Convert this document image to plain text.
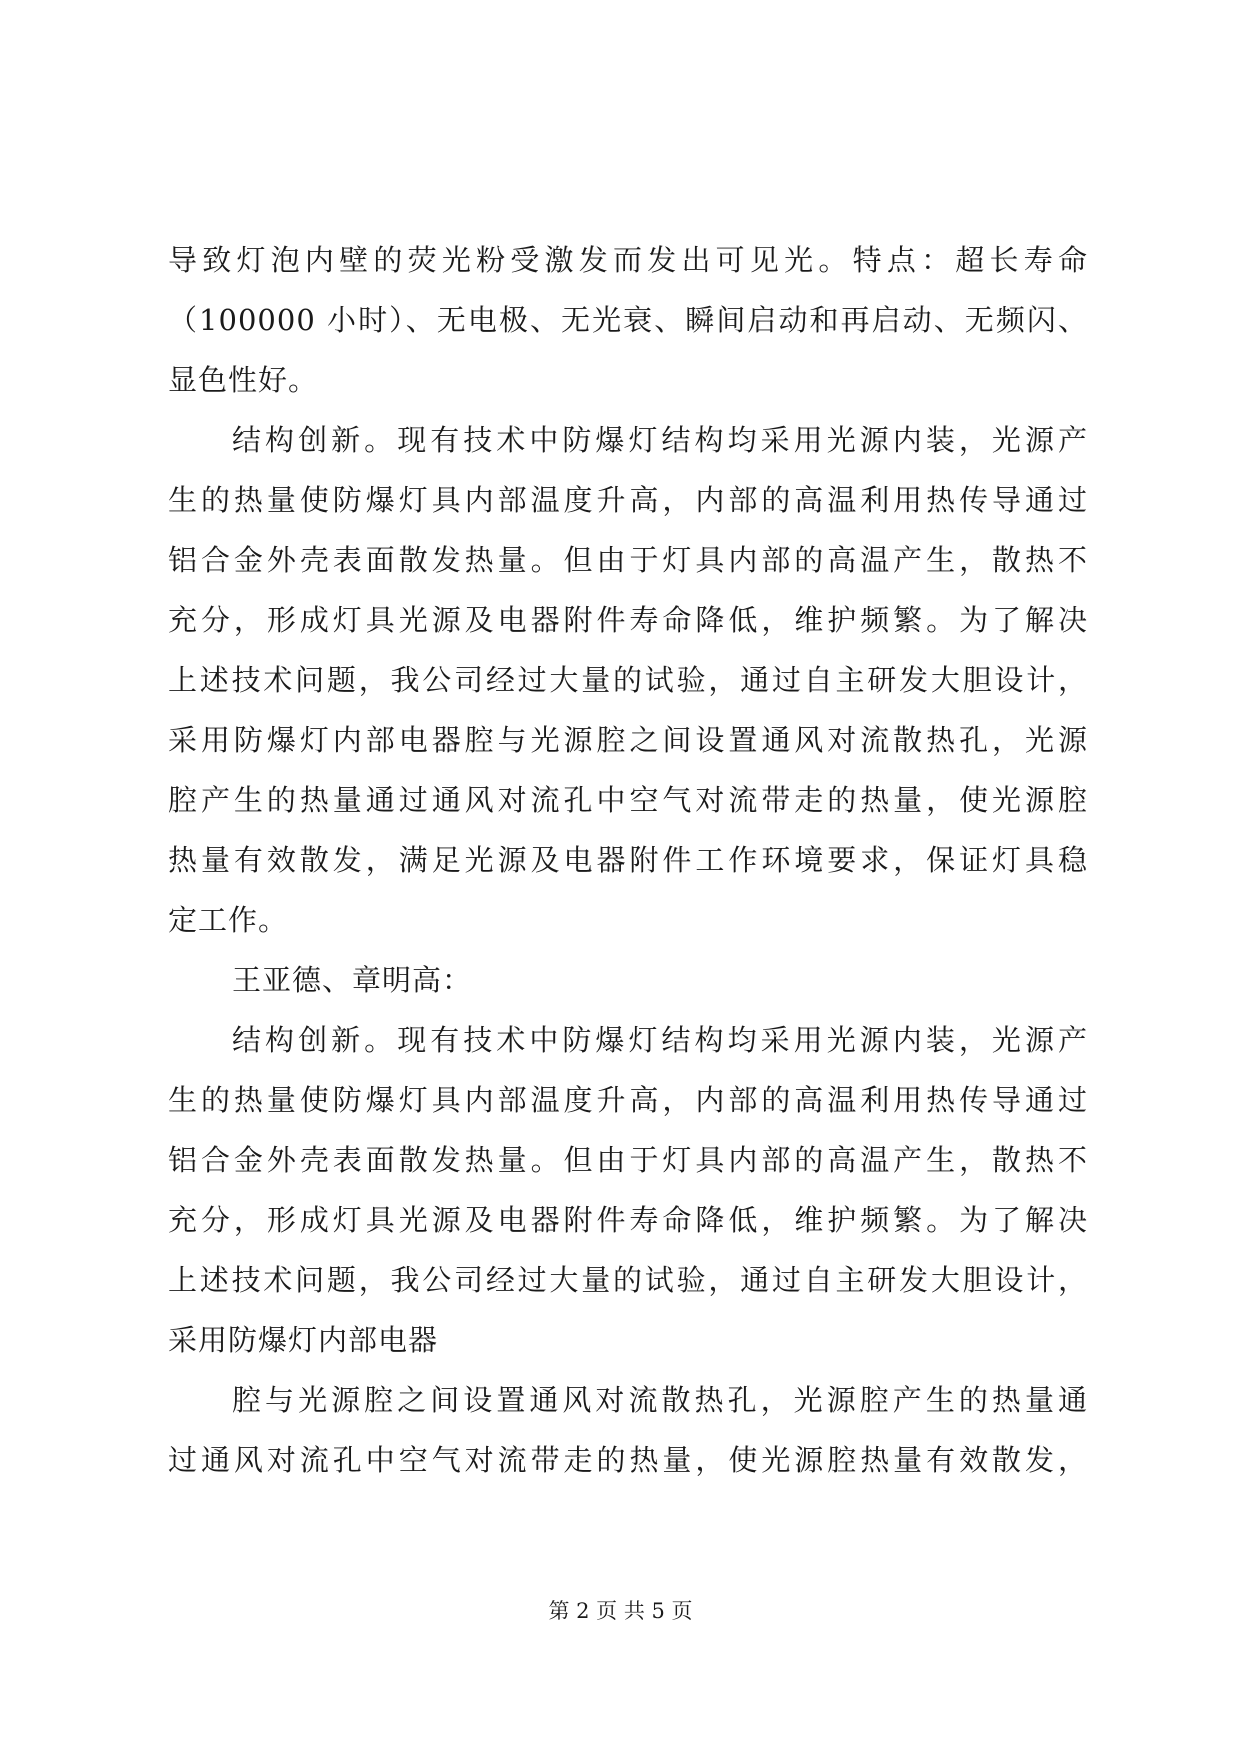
导致灯泡内壁的荧光粉受激发而发出可见光。特点：超长寿命
（100000 小时）、无电极、无光衰、瞬间启动和再启动、无频闪、
显色性好。
结构创新。现有技术中防爆灯结构均采用光源内装，光源产
生的热量使防爆灯具内部温度升高，内部的高温利用热传导通过
铝合金外壳表面散发热量。但由于灯具内部的高温产生，散热不
充分，形成灯具光源及电器附件寿命降低，维护频繁。为了解决
上述技术问题，我公司经过大量的试验，通过自主研发大胆设计，
采用防爆灯内部电器腔与光源腔之间设置通风对流散热孔，光源
腔产生的热量通过通风对流孔中空气对流带走的热量，使光源腔
热量有效散发，满足光源及电器附件工作环境要求，保证灯具稳
定工作。
王亚德、章明高：
结构创新。现有技术中防爆灯结构均采用光源内装，光源产
生的热量使防爆灯具内部温度升高，内部的高温利用热传导通过
铝合金外壳表面散发热量。但由于灯具内部的高温产生，散热不
充分，形成灯具光源及电器附件寿命降低，维护频繁。为了解决
上述技术问题，我公司经过大量的试验，通过自主研发大胆设计，
采用防爆灯内部电器
腔与光源腔之间设置通风对流散热孔，光源腔产生的热量通
过通风对流孔中空气对流带走的热量，使光源腔热量有效散发，
第 2 页 共 5 页
